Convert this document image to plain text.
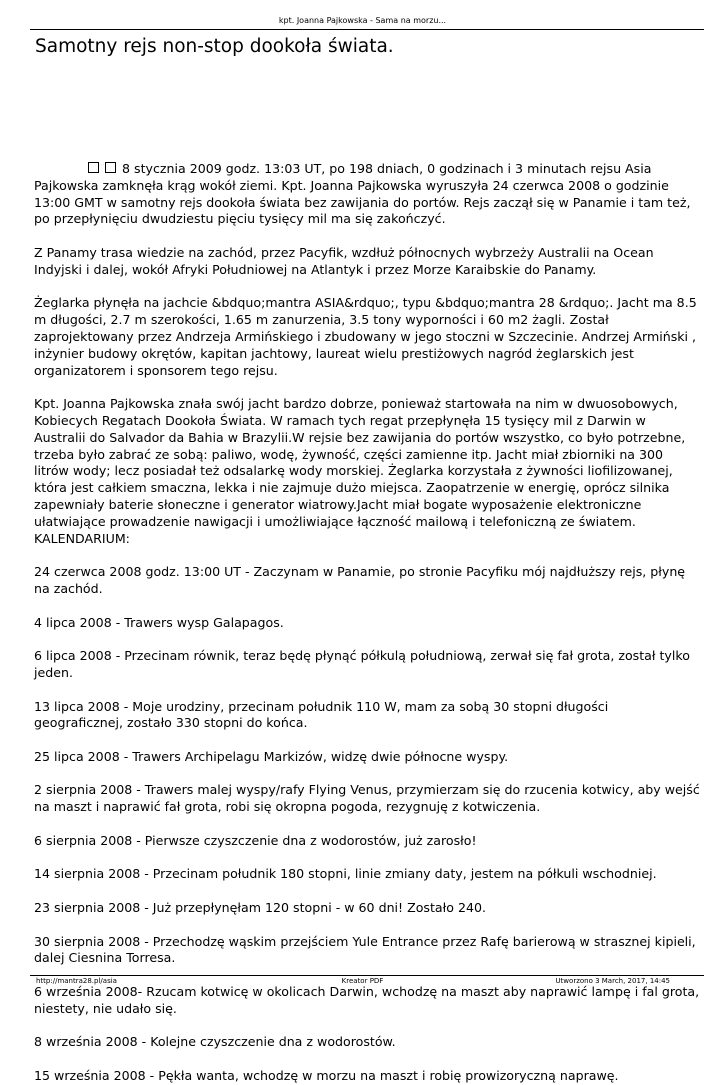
kpt. Joanna Pajkowska - Sama na morzu...
Samotny rejs non-stop dookoła świata.

8 stycznia 2009 godz. 13:03 UT, po 198 dniach, 0 godzinach i 3 minutach rejsu Asia Pajkowska zamknęła krąg wokół ziemi. Kpt. Joanna Pajkowska wyruszyła 24 czerwca 2008 o godzinie 13:00 GMT w samotny rejs dookoła świata bez zawijania do portów. Rejs zaczął się w Panamie i tam też, po przepłynięciu dwudziestu pięciu tysięcy mil ma się zakończyć.

Z Panamy trasa wiedzie na zachód, przez Pacyfik, wzdłuż północnych wybrzeży Australii na Ocean Indyjski i dalej, wokół Afryki Południowej na Atlantyk i przez Morze Karaibskie do Panamy.

Żeglarka płynęła na jachcie &bdquo;mantra ASIA&rdquo;, typu &bdquo;mantra 28 &rdquo;. Jacht ma 8.5 m długości, 2.7 m szerokości, 1.65 m zanurzenia, 3.5 tony wyporności i 60 m2 żagli. Został zaprojektowany przez Andrzeja Armińskiego i zbudowany w jego stoczni w Szczecinie. Andrzej Armiński , inżynier budowy okrętów, kapitan jachtowy, laureat wielu prestiżowych nagród żeglarskich jest organizatorem i sponsorem tego rejsu.

Kpt. Joanna Pajkowska znała swój jacht bardzo dobrze, ponieważ startowała na nim w dwuosobowych, Kobiecych Regatach Dookoła Świata. W ramach tych regat przepłynęła 15 tysięcy mil z Darwin w Australii do Salvador da Bahia w Brazylii.W rejsie bez zawijania do portów wszystko, co było potrzebne, trzeba było zabrać ze sobą: paliwo, wodę, żywność, części zamienne itp. Jacht miał zbiorniki na 300 litrów wody; lecz posiadał też odsalarkę wody morskiej. Żeglarka korzystała z żywności liofilizowanej, która jest całkiem smaczna, lekka i nie zajmuje dużo miejsca. Zaopatrzenie w energię, oprócz silnika zapewniały baterie słoneczne i generator wiatrowy.Jacht miał bogate wyposażenie elektroniczne ułatwiające prowadzenie nawigacji i umożliwiające łączność mailową i telefoniczną ze światem.

KALENDARIUM:

24 czerwca 2008 godz. 13:00 UT - Zaczynam w Panamie, po stronie Pacyfiku mój najdłuższy rejs, płynę na zachód.

4 lipca 2008 - Trawers wysp Galapagos.

6 lipca 2008 - Przecinam równik, teraz będę płynąć półkulą południową, zerwał się fał grota, został tylko jeden.

13 lipca 2008 - Moje urodziny, przecinam południk 110 W, mam za sobą 30 stopni długości geograficznej, zostało 330 stopni do końca.

25 lipca 2008 - Trawers Archipelagu Markizów, widzę dwie północne wyspy.

2 sierpnia 2008 - Trawers malej wyspy/rafy Flying Venus, przymierzam się do rzucenia kotwicy, aby wejść na maszt i naprawić fał grota, robi się okropna pogoda, rezygnuję z kotwiczenia.

6 sierpnia 2008 - Pierwsze czyszczenie dna z wodorostów, już zarosło!

14 sierpnia 2008 - Przecinam południk 180 stopni, linie zmiany daty, jestem na półkuli wschodniej.

23 sierpnia 2008 - Już przepłynęłam 120 stopni - w 60 dni! Zostało 240.

30 sierpnia 2008 - Przechodzę wąskim przejściem Yule Entrance przez Rafę barierową w strasznej kipieli, dalej Ciesnina Torresa.

6 września 2008- Rzucam kotwicę w okolicach Darwin, wchodzę na maszt aby naprawić lampę i fal grota, niestety, nie udało się.

8 września 2008 - Kolejne czyszczenie dna z wodorostów.

15 września 2008 - Pękła wanta, wchodzę w morzu na maszt i robię prowizoryczną naprawę.

Kreator PDF
http://mantra28.pl/asia	Utworzono 3 March, 2017, 14:45
